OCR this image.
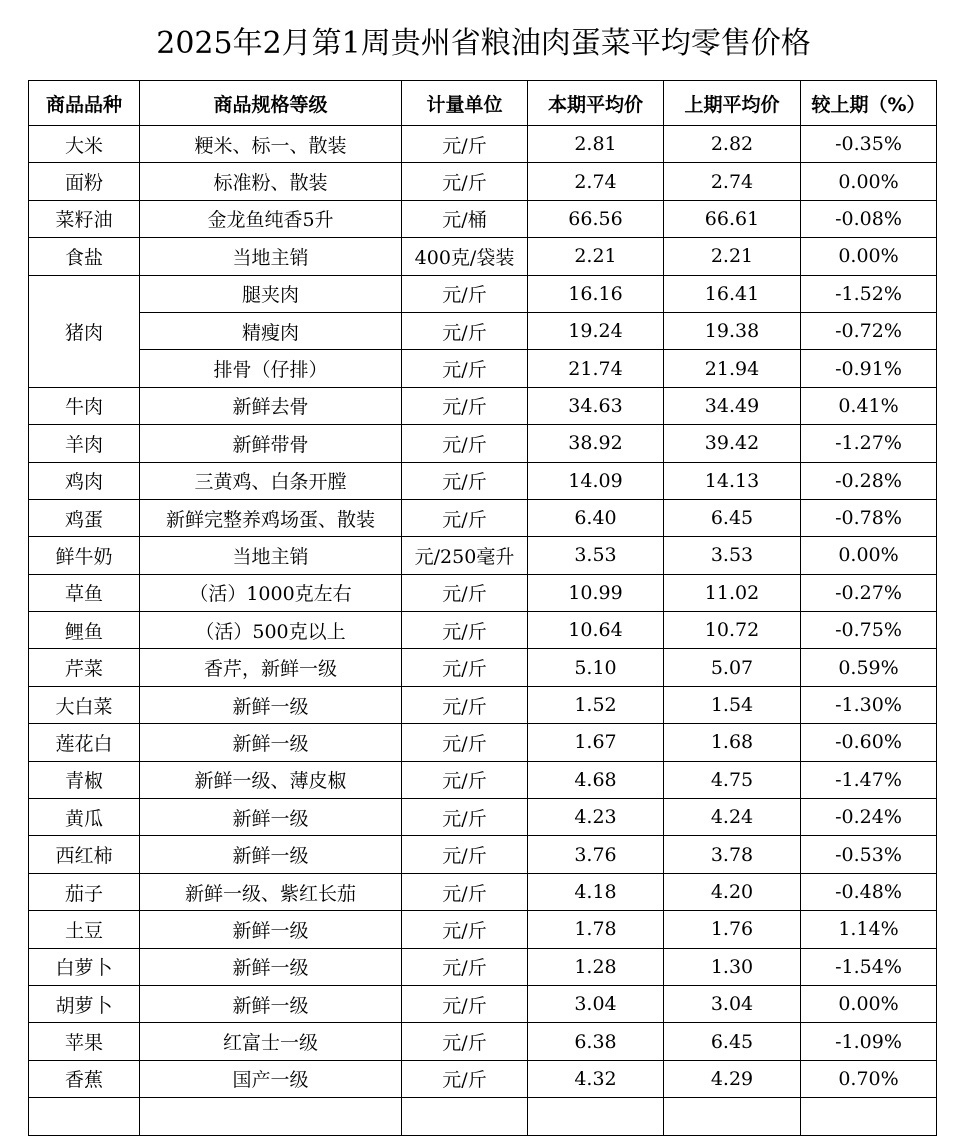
2025年2月第1周贵州省粮油肉蛋菜平均零售价格
商品品种	商品规格等级	计量单位	本期平均价	上期平均价	较上期（%）
大米	粳米、标一、散装	元/斤	2.81	2.82	-0.35%
面粉	标准粉、散装	元/斤	2.74	2.74	0.00%
菜籽油	金龙鱼纯香5升	元/桶	66.56	66.61	-0.08%
食盐	当地主销	400克/袋装	2.21	2.21	0.00%
猪肉	腿夹肉	元/斤	16.16	16.41	-1.52%
	精瘦肉	元/斤	19.24	19.38	-0.72%
	排骨（仔排）	元/斤	21.74	21.94	-0.91%
牛肉	新鲜去骨	元/斤	34.63	34.49	0.41%
羊肉	新鲜带骨	元/斤	38.92	39.42	-1.27%
鸡肉	三黄鸡、白条开膛	元/斤	14.09	14.13	-0.28%
鸡蛋	新鲜完整养鸡场蛋、散装	元/斤	6.40	6.45	-0.78%
鲜牛奶	当地主销	元/250毫升	3.53	3.53	0.00%
草鱼	（活）1000克左右	元/斤	10.99	11.02	-0.27%
鲤鱼	（活）500克以上	元/斤	10.64	10.72	-0.75%
芹菜	香芹，新鲜一级	元/斤	5.10	5.07	0.59%
大白菜	新鲜一级	元/斤	1.52	1.54	-1.30%
莲花白	新鲜一级	元/斤	1.67	1.68	-0.60%
青椒	新鲜一级、薄皮椒	元/斤	4.68	4.75	-1.47%
黄瓜	新鲜一级	元/斤	4.23	4.24	-0.24%
西红柿	新鲜一级	元/斤	3.76	3.78	-0.53%
茄子	新鲜一级、紫红长茄	元/斤	4.18	4.20	-0.48%
土豆	新鲜一级	元/斤	1.78	1.76	1.14%
白萝卜	新鲜一级	元/斤	1.28	1.30	-1.54%
胡萝卜	新鲜一级	元/斤	3.04	3.04	0.00%
苹果	红富士一级	元/斤	6.38	6.45	-1.09%
香蕉	国产一级	元/斤	4.32	4.29	0.70%
